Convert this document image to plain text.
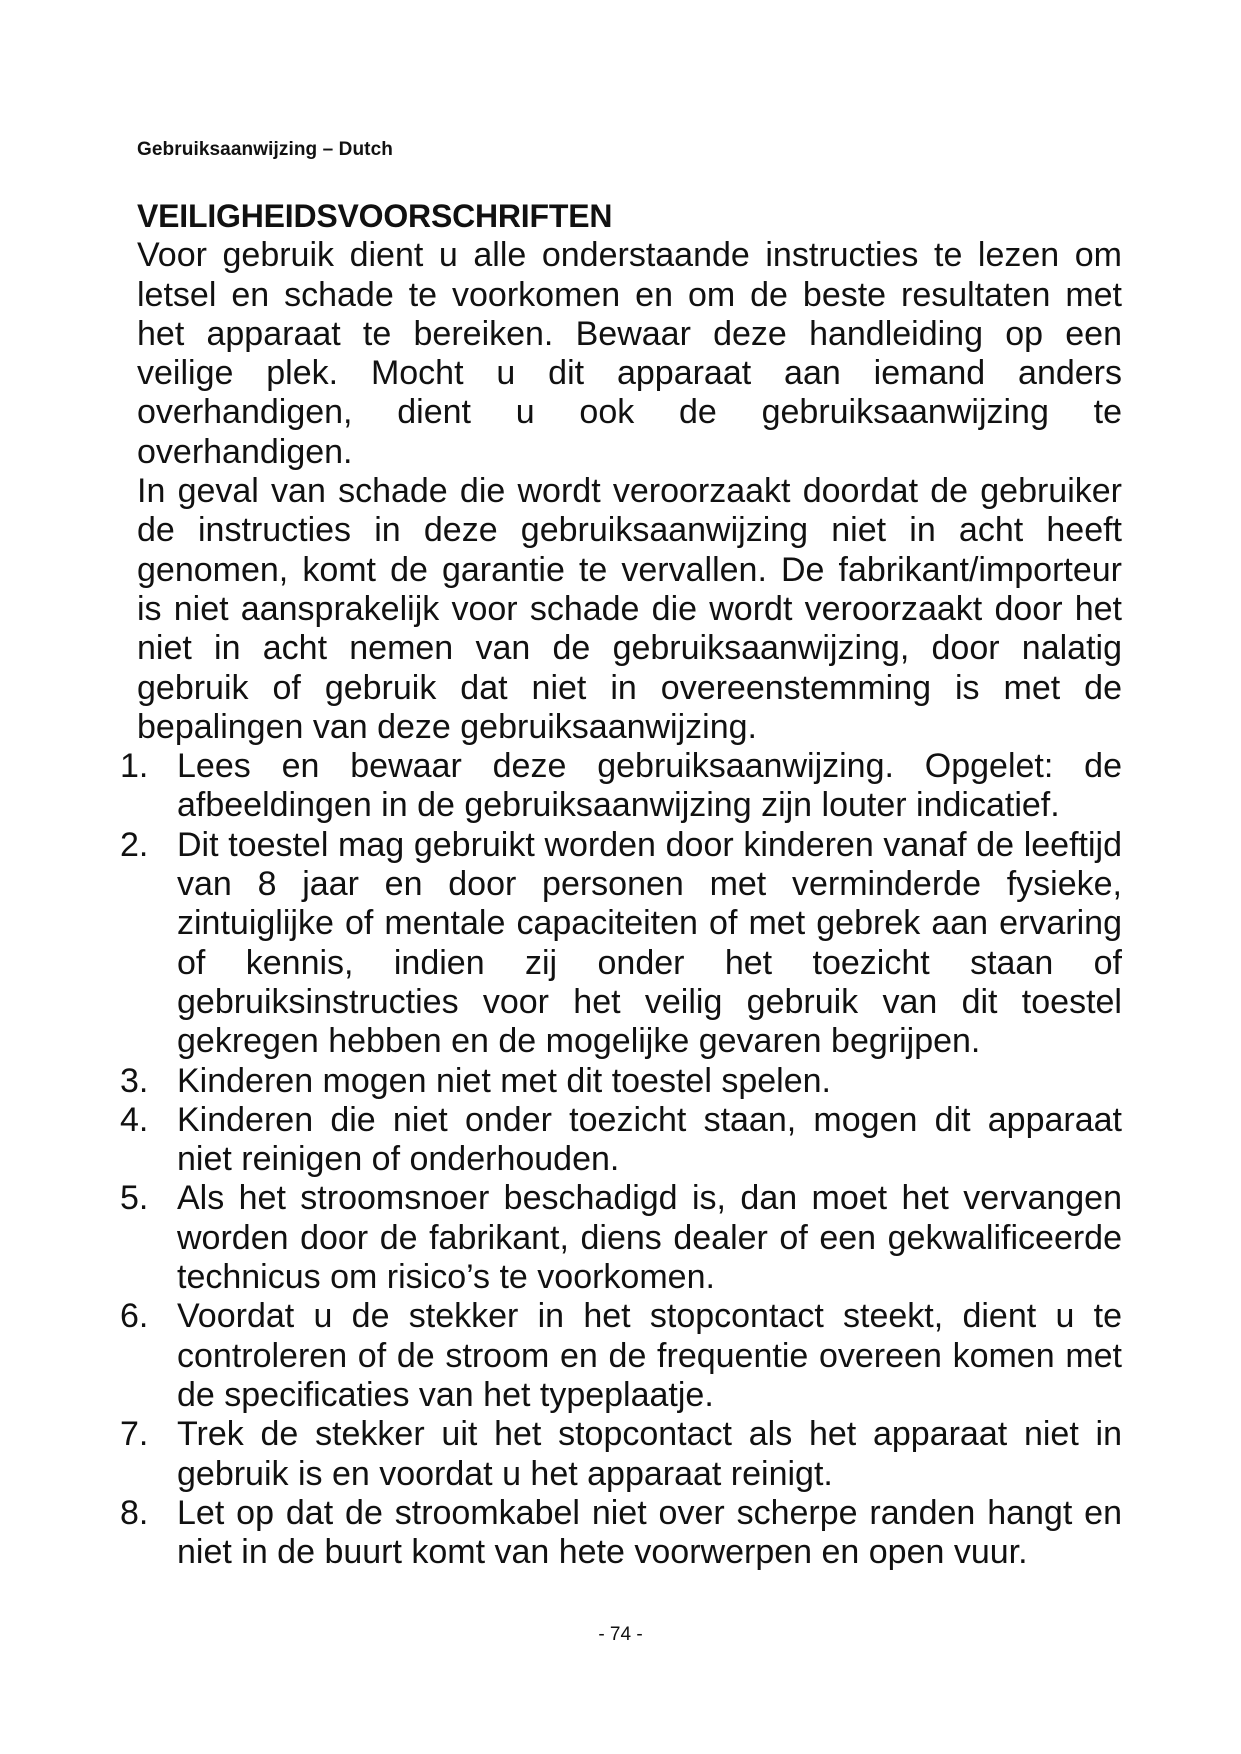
Gebruiksaanwijzing – Dutch
VEILIGHEIDSVOORSCHRIFTEN

Voor gebruik dient u alle onderstaande instructies te lezen om letsel en schade te voorkomen en om de beste resultaten met het apparaat te bereiken. Bewaar deze handleiding op een veilige plek. Mocht u dit apparaat aan iemand anders overhandigen, dient u ook de gebruiksaanwijzing te overhandigen.

In geval van schade die wordt veroorzaakt doordat de gebruiker de instructies in deze gebruiksaanwijzing niet in acht heeft genomen, komt de garantie te vervallen. De fabrikant/importeur is niet aansprakelijk voor schade die wordt veroorzaakt door het niet in acht nemen van de gebruiksaanwijzing, door nalatig gebruik of gebruik dat niet in overeenstemming is met de bepalingen van deze gebruiksaanwijzing.

1. Lees en bewaar deze gebruiksaanwijzing. Opgelet: de afbeeldingen in de gebruiksaanwijzing zijn louter indicatief.
2. Dit toestel mag gebruikt worden door kinderen vanaf de leeftijd van 8 jaar en door personen met verminderde fysieke, zintuiglijke of mentale capaciteiten of met gebrek aan ervaring of kennis, indien zij onder het toezicht staan of gebruiksinstructies voor het veilig gebruik van dit toestel gekregen hebben en de mogelijke gevaren begrijpen.
3. Kinderen mogen niet met dit toestel spelen.
4. Kinderen die niet onder toezicht staan, mogen dit apparaat niet reinigen of onderhouden.
5. Als het stroomsnoer beschadigd is, dan moet het vervangen worden door de fabrikant, diens dealer of een gekwalificeerde technicus om risico’s te voorkomen.
6. Voordat u de stekker in het stopcontact steekt, dient u te controleren of de stroom en de frequentie overeen komen met de specificaties van het typeplaatje.
7. Trek de stekker uit het stopcontact als het apparaat niet in gebruik is en voordat u het apparaat reinigt.
8. Let op dat de stroomkabel niet over scherpe randen hangt en niet in de buurt komt van hete voorwerpen en open vuur.
- 74 -
